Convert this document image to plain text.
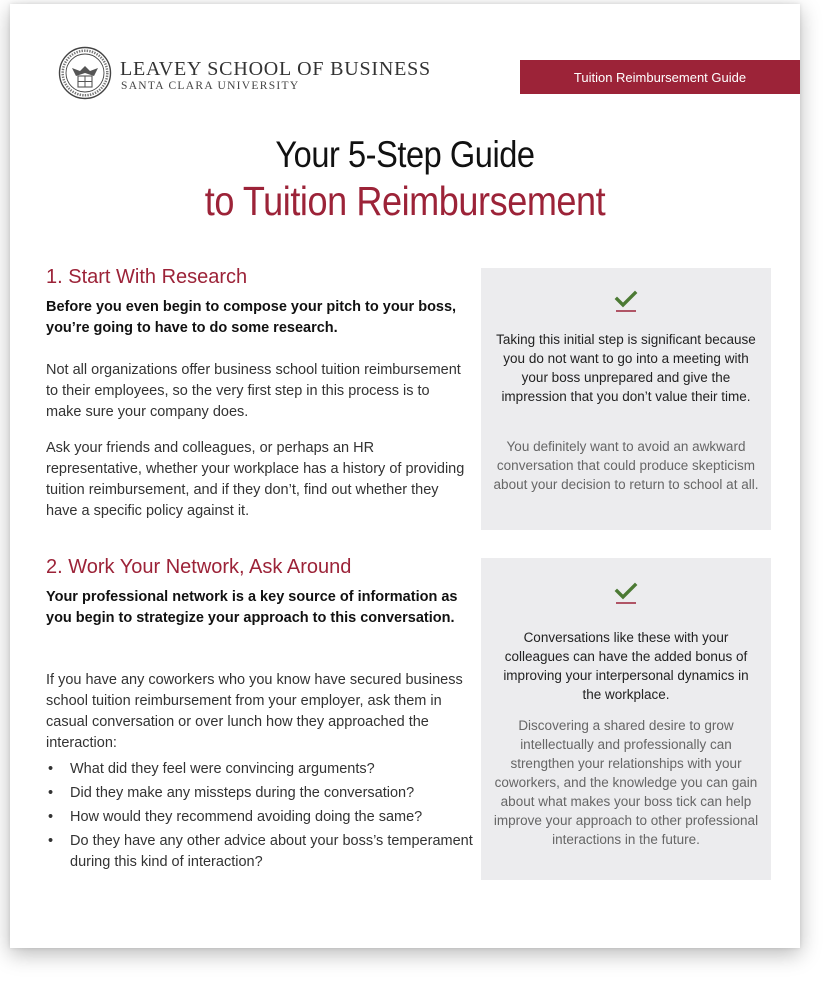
LEAVEY SCHOOL OF BUSINESS
SANTA CLARA UNIVERSITY
Tuition Reimbursement Guide
Your 5-Step Guide
to Tuition Reimbursement
1. Start With Research
Before you even begin to compose your pitch to your boss, you’re going to have to do some research.
Not all organizations offer business school tuition reimbursement to their employees, so the very first step in this process is to make sure your company does.
Ask your friends and colleagues, or perhaps an HR representative, whether your workplace has a history of providing tuition reimbursement, and if they don’t, find out whether they have a specific policy against it.
Taking this initial step is significant because you do not want to go into a meeting with your boss unprepared and give the impression that you don’t value their time.
You definitely want to avoid an awkward conversation that could produce skepticism about your decision to return to school at all.
2. Work Your Network, Ask Around
Your professional network is a key source of information as you begin to strategize your approach to this conversation.
If you have any coworkers who you know have secured business school tuition reimbursement from your employer, ask them in casual conversation or over lunch how they approached the interaction:
• What did they feel were convincing arguments?
• Did they make any missteps during the conversation?
• How would they recommend avoiding doing the same?
• Do they have any other advice about your boss’s temperament during this kind of interaction?
Conversations like these with your colleagues can have the added bonus of improving your interpersonal dynamics in the workplace.
Discovering a shared desire to grow intellectually and professionally can strengthen your relationships with your coworkers, and the knowledge you can gain about what makes your boss tick can help improve your approach to other professional interactions in the future.
